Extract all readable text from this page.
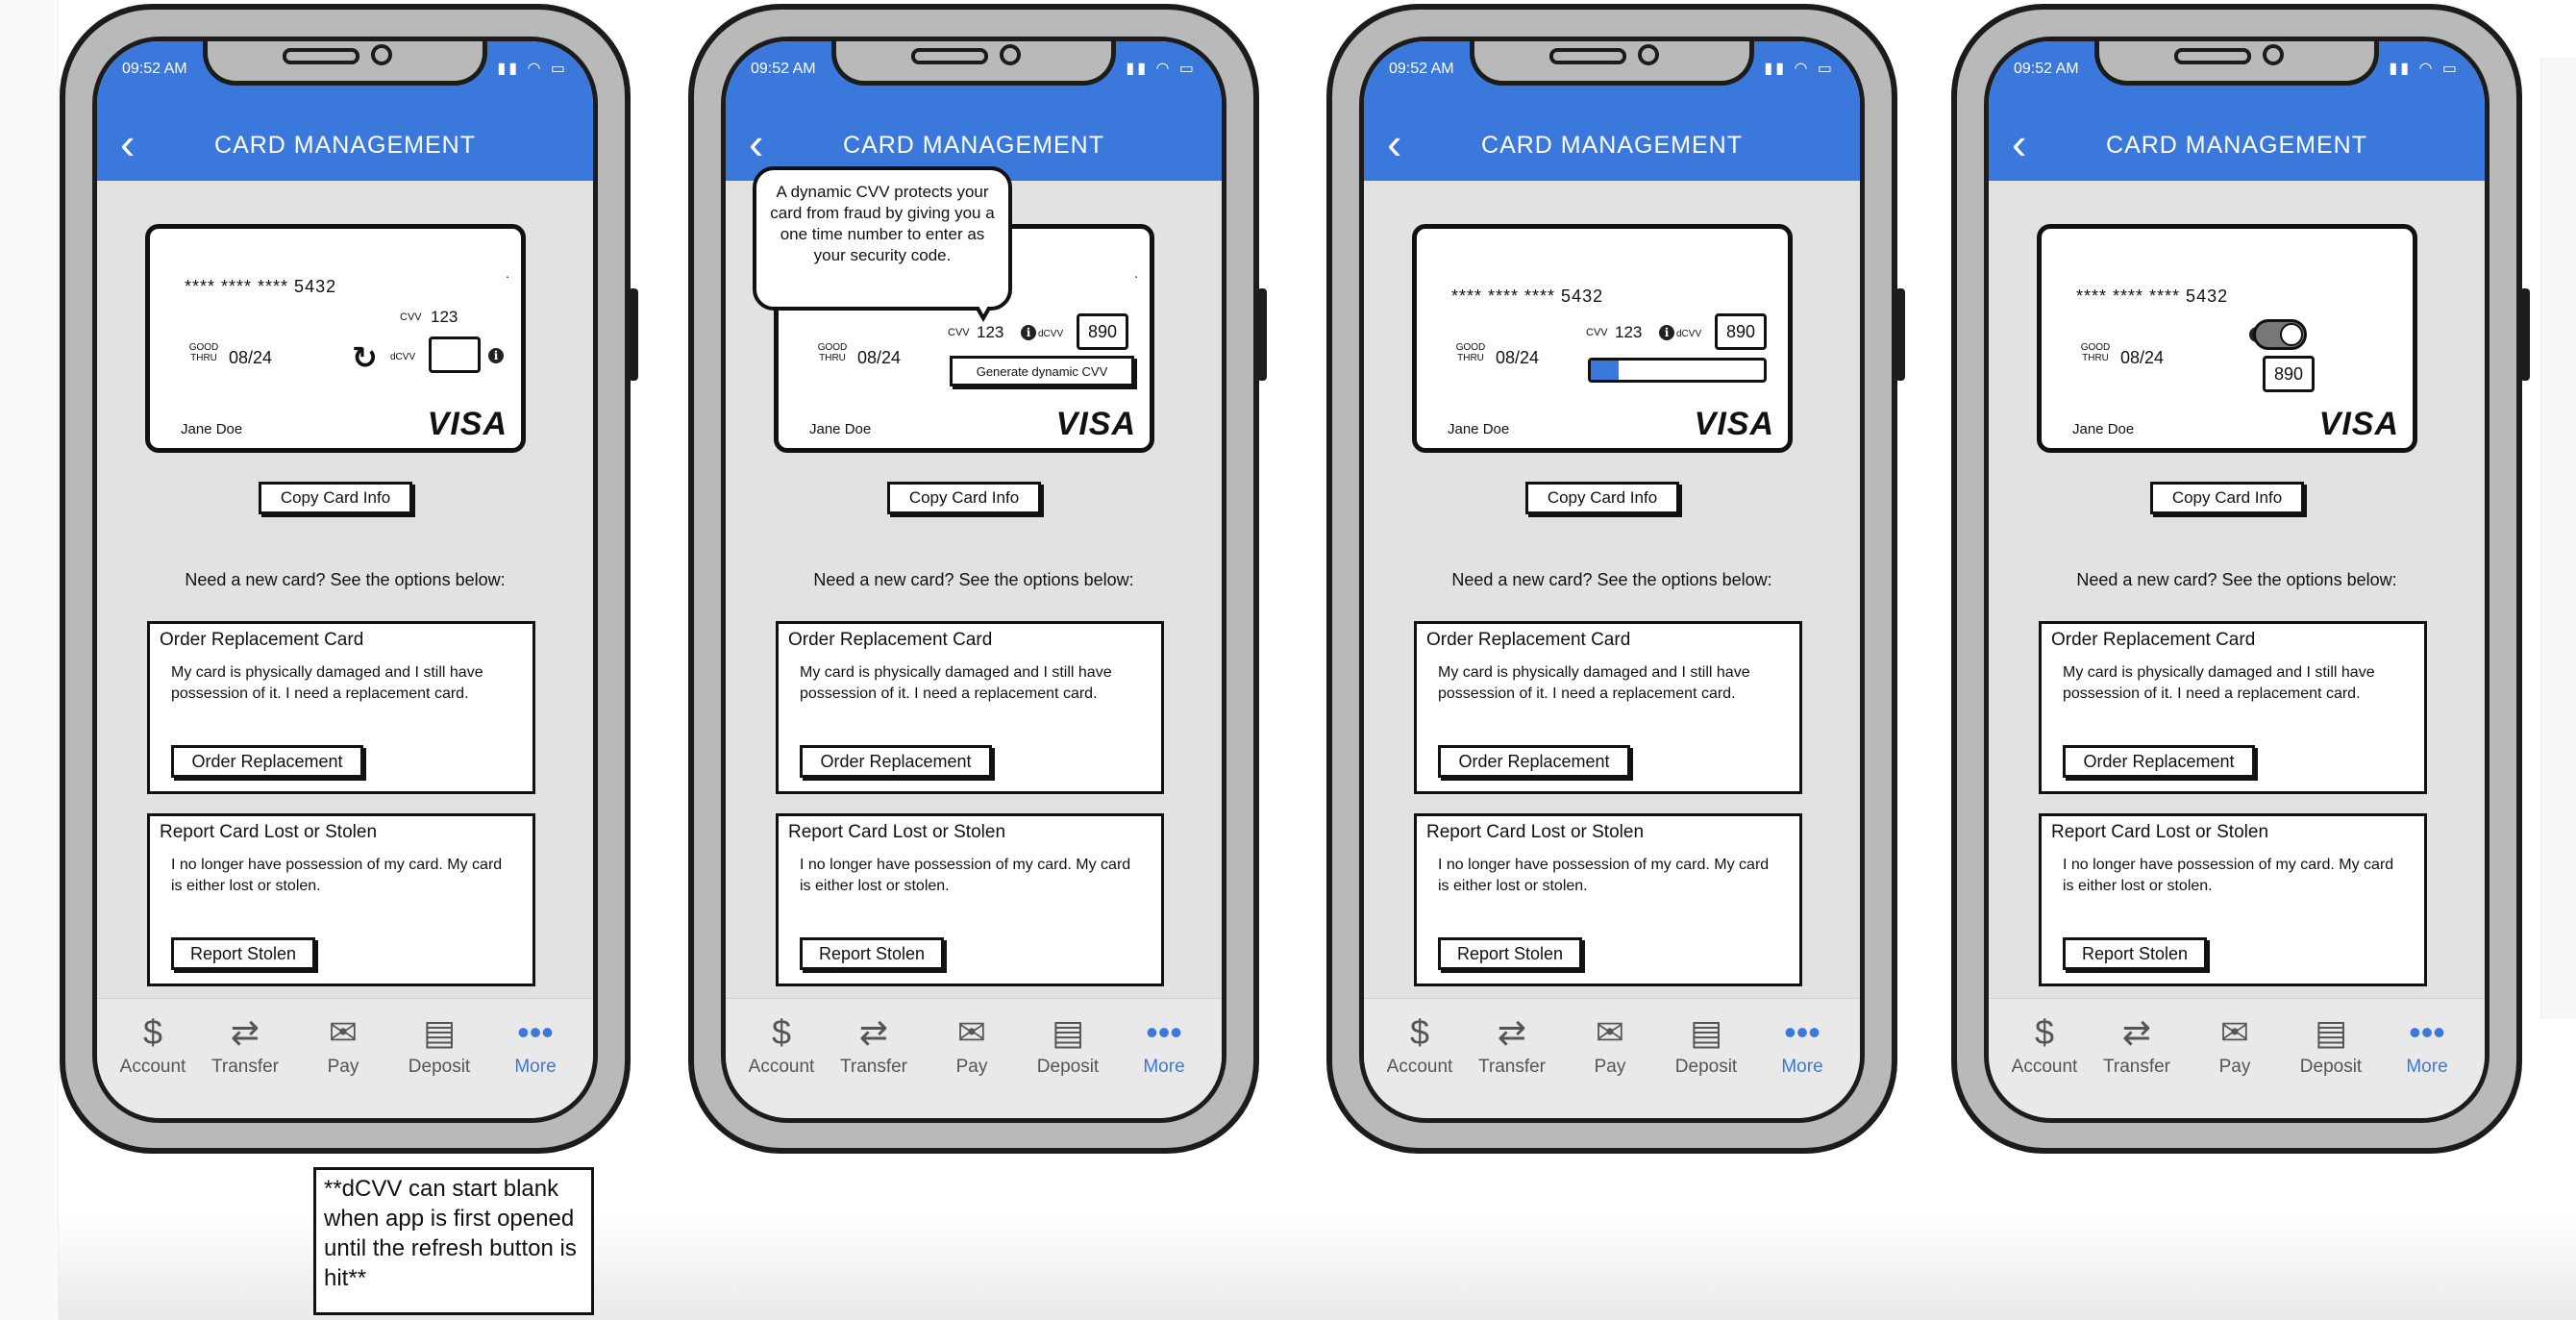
09:52 AM	▮▮ ◠ ▭
‹	CARD MANAGEMENT
.
**** **** **** 5432
CVV 123
GOOD THRU 08/24	↻ dCVV	i
Jane Doe	VISA
Copy Card Info
Need a new card? See the options below:
Order Replacement Card
My card is physically damaged and I still have possession of it. I need a replacement card.
Order Replacement
Report Card Lost or Stolen
I no longer have possession of my card. My card is either lost or stolen.
Report Stolen
$
Account
⇄
Transfer
✉
Pay
▤
Deposit
•••
More
09:52 AM	▮▮ ◠ ▭
‹	CARD MANAGEMENT
.
CVV 123	i dCVV	890
GOOD THRU 08/24
Generate dynamic CVV
Jane Doe	VISA
A dynamic CVV protects your card from fraud by giving you a one time number to enter as your security code.
Copy Card Info
Need a new card? See the options below:
Order Replacement Card
My card is physically damaged and I still have possession of it. I need a replacement card.
Order Replacement
Report Card Lost or Stolen
I no longer have possession of my card. My card is either lost or stolen.
Report Stolen
$
Account
⇄
Transfer
✉
Pay
▤
Deposit
•••
More
09:52 AM	▮▮ ◠ ▭
‹	CARD MANAGEMENT
**** **** **** 5432
CVV 123	i dCVV	890
GOOD THRU 08/24
Jane Doe	VISA
Copy Card Info
Need a new card? See the options below:
Order Replacement Card
My card is physically damaged and I still have possession of it. I need a replacement card.
Order Replacement
Report Card Lost or Stolen
I no longer have possession of my card. My card is either lost or stolen.
Report Stolen
$
Account
⇄
Transfer
✉
Pay
▤
Deposit
•••
More
09:52 AM	▮▮ ◠ ▭
‹	CARD MANAGEMENT
**** **** **** 5432
GOOD THRU 08/24
890
Jane Doe	VISA
Copy Card Info
Need a new card? See the options below:
Order Replacement Card
My card is physically damaged and I still have possession of it. I need a replacement card.
Order Replacement
Report Card Lost or Stolen
I no longer have possession of my card. My card is either lost or stolen.
Report Stolen
$
Account
⇄
Transfer
✉
Pay
▤
Deposit
•••
More
**dCVV can start blank when app is first opened until the refresh button is hit**
